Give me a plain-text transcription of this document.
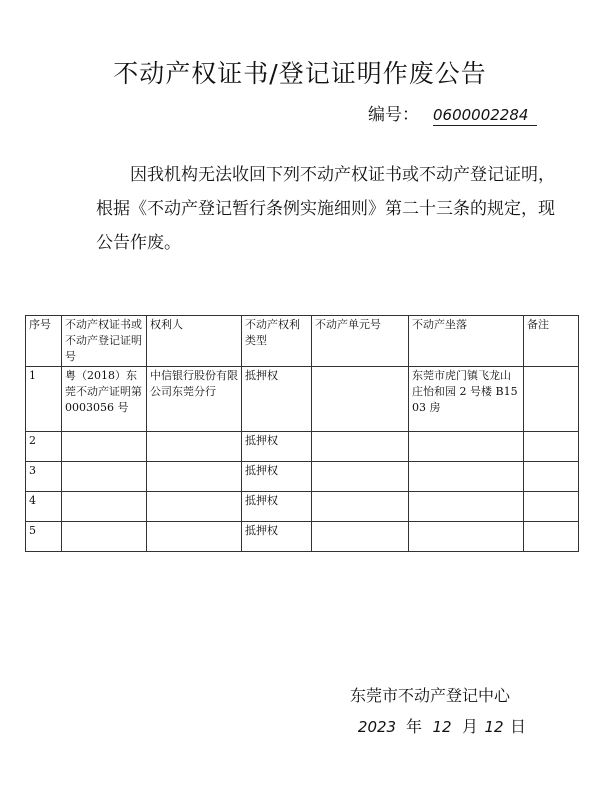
不动产权证书/登记证明作废公告
编号： 0600002284
因我机构无法收回下列不动产权证书或不动产登记证明，根据《不动产登记暂行条例实施细则》第二十三条的规定，现公告作废。
序号	不动产权证书或不动产登记证明号	权利人	不动产权利类型	不动产单元号	不动产坐落	备注
1	粤（2018）东莞不动产证明第 0003056 号	中信银行股份有限公司东莞分行	抵押权		东莞市虎门镇飞龙山庄怡和园 2 号楼 B1503 房	
2			抵押权			
3			抵押权			
4			抵押权			
5			抵押权			
东莞市不动产登记中心
2023 年 12 月 12 日
